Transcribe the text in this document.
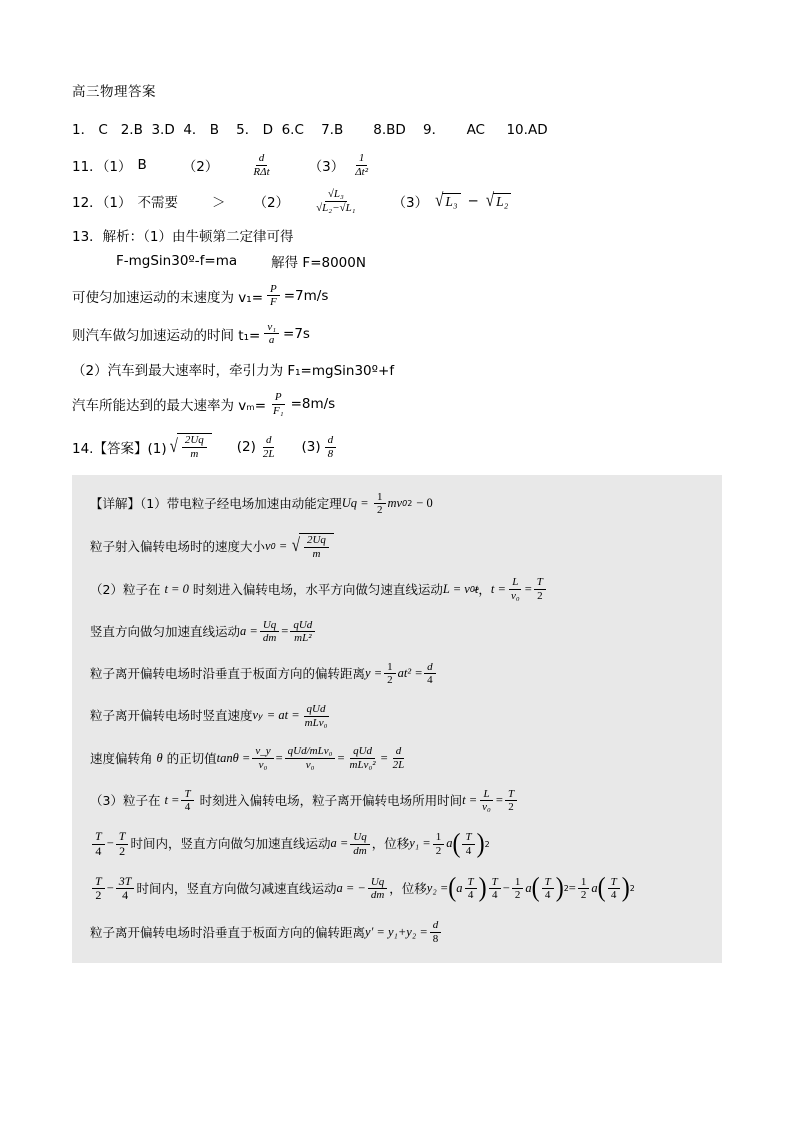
高三物理答案
1． C 2.B 3.D 4． B 5． D 6.C 7.B 8.BD 9． AC 10.AD
11．（1） B	（2）	$\frac{d}{\text{RΔt}}$	$(3) \frac{1}{\text{Δt²}}$
12．（1） 不需要	＞ $(2) \frac{\text{√L₃}}{\text{√L₂−√L₁}}$	（3） √ L₃ − √ L₂
13．解析：（1）由牛顿第二定律可得
F-mgSin30º-f=ma	解得 F=8000N
可使匀加速运动的末速度为 $v_1= \frac{P}{F} =7m/s$
则汽车做匀加速运动的时间 $t_1= \frac{\text{v₁}}{a} =7s$
（2）汽车到最大速率时，牵引力为 F₁=mgSin30º+f
汽车所能达到的最大速率为 $v_m= \frac{P}{\text{F₁}} =8m/s$
14.【答案】(1) √ $\frac{2Uq}{m} (2) \frac{d}{2L} (3) \frac{d}{8}$
【详解】（1）带电粒子经电场加速由动能定理 Uq
=
$\frac{1}{2}$ mv 0 2
− 0
粒子射入偏转电场时的速度大小 v 0
=
√ $\frac{2Uq}{m}$
（2）粒子在
t = 0
时刻进入偏转电场，水平方向做匀速直线运动 L = v 0 t ， $t = \frac{L}{\text{v₀}} = \frac{T}{2}$
竖直方向做匀加速直线运动 $a = \frac{Uq}{dm} = \frac{\text{qUd}}{\text{mL²}}$
粒子离开偏转电场时沿垂直于板面方向的偏转距离 $y = \frac{1}{2} at^2$
= $\frac{d}{4}$
粒子离开偏转电场时竖直速度 v y
= at = $\frac{\text{qUd}}{\text{mLv₀}}$
速度偏转角
θ
的正切值 $\tan\theta = \frac{v\_y}{\text{v₀}} = \frac{\text{qUd/mLv₀}}{\text{v₀}} = \frac{\text{qUd}}{\text{mLv₀²}} = \frac{d}{2L}$
（3）粒子在
$t = \frac{T}{4}$
时刻进入偏转电场，粒子离开偏转电场所用时间 $t = \frac{L}{\text{v₀}} = \frac{T}{2}$
$\frac{T}{4} - \frac{T}{2}$ 时间内，竖直方向做匀加速直线运动 $a = \frac{Uq}{dm}$ ，位移 $y_1 = \frac{1}{2}$ a ( $\frac{T}{4}$ ) 2
$\frac{T}{2} - \frac{3T}{4}$ 时间内，竖直方向做匀减速直线运动 a = − $\frac{Uq}{dm}$ ，位移 y₂ = ( a $\frac{T}{4}$ ) $\frac{T}{4} - \frac{1}{2}$ a ( $\frac{T}{4}$ ) $2 = \frac{1}{2}$ a ( $\frac{T}{4}$ ) 2
粒子离开偏转电场时沿垂直于板面方向的偏转距离 $y' = y_1+y_2 = \frac{d}{8}$
